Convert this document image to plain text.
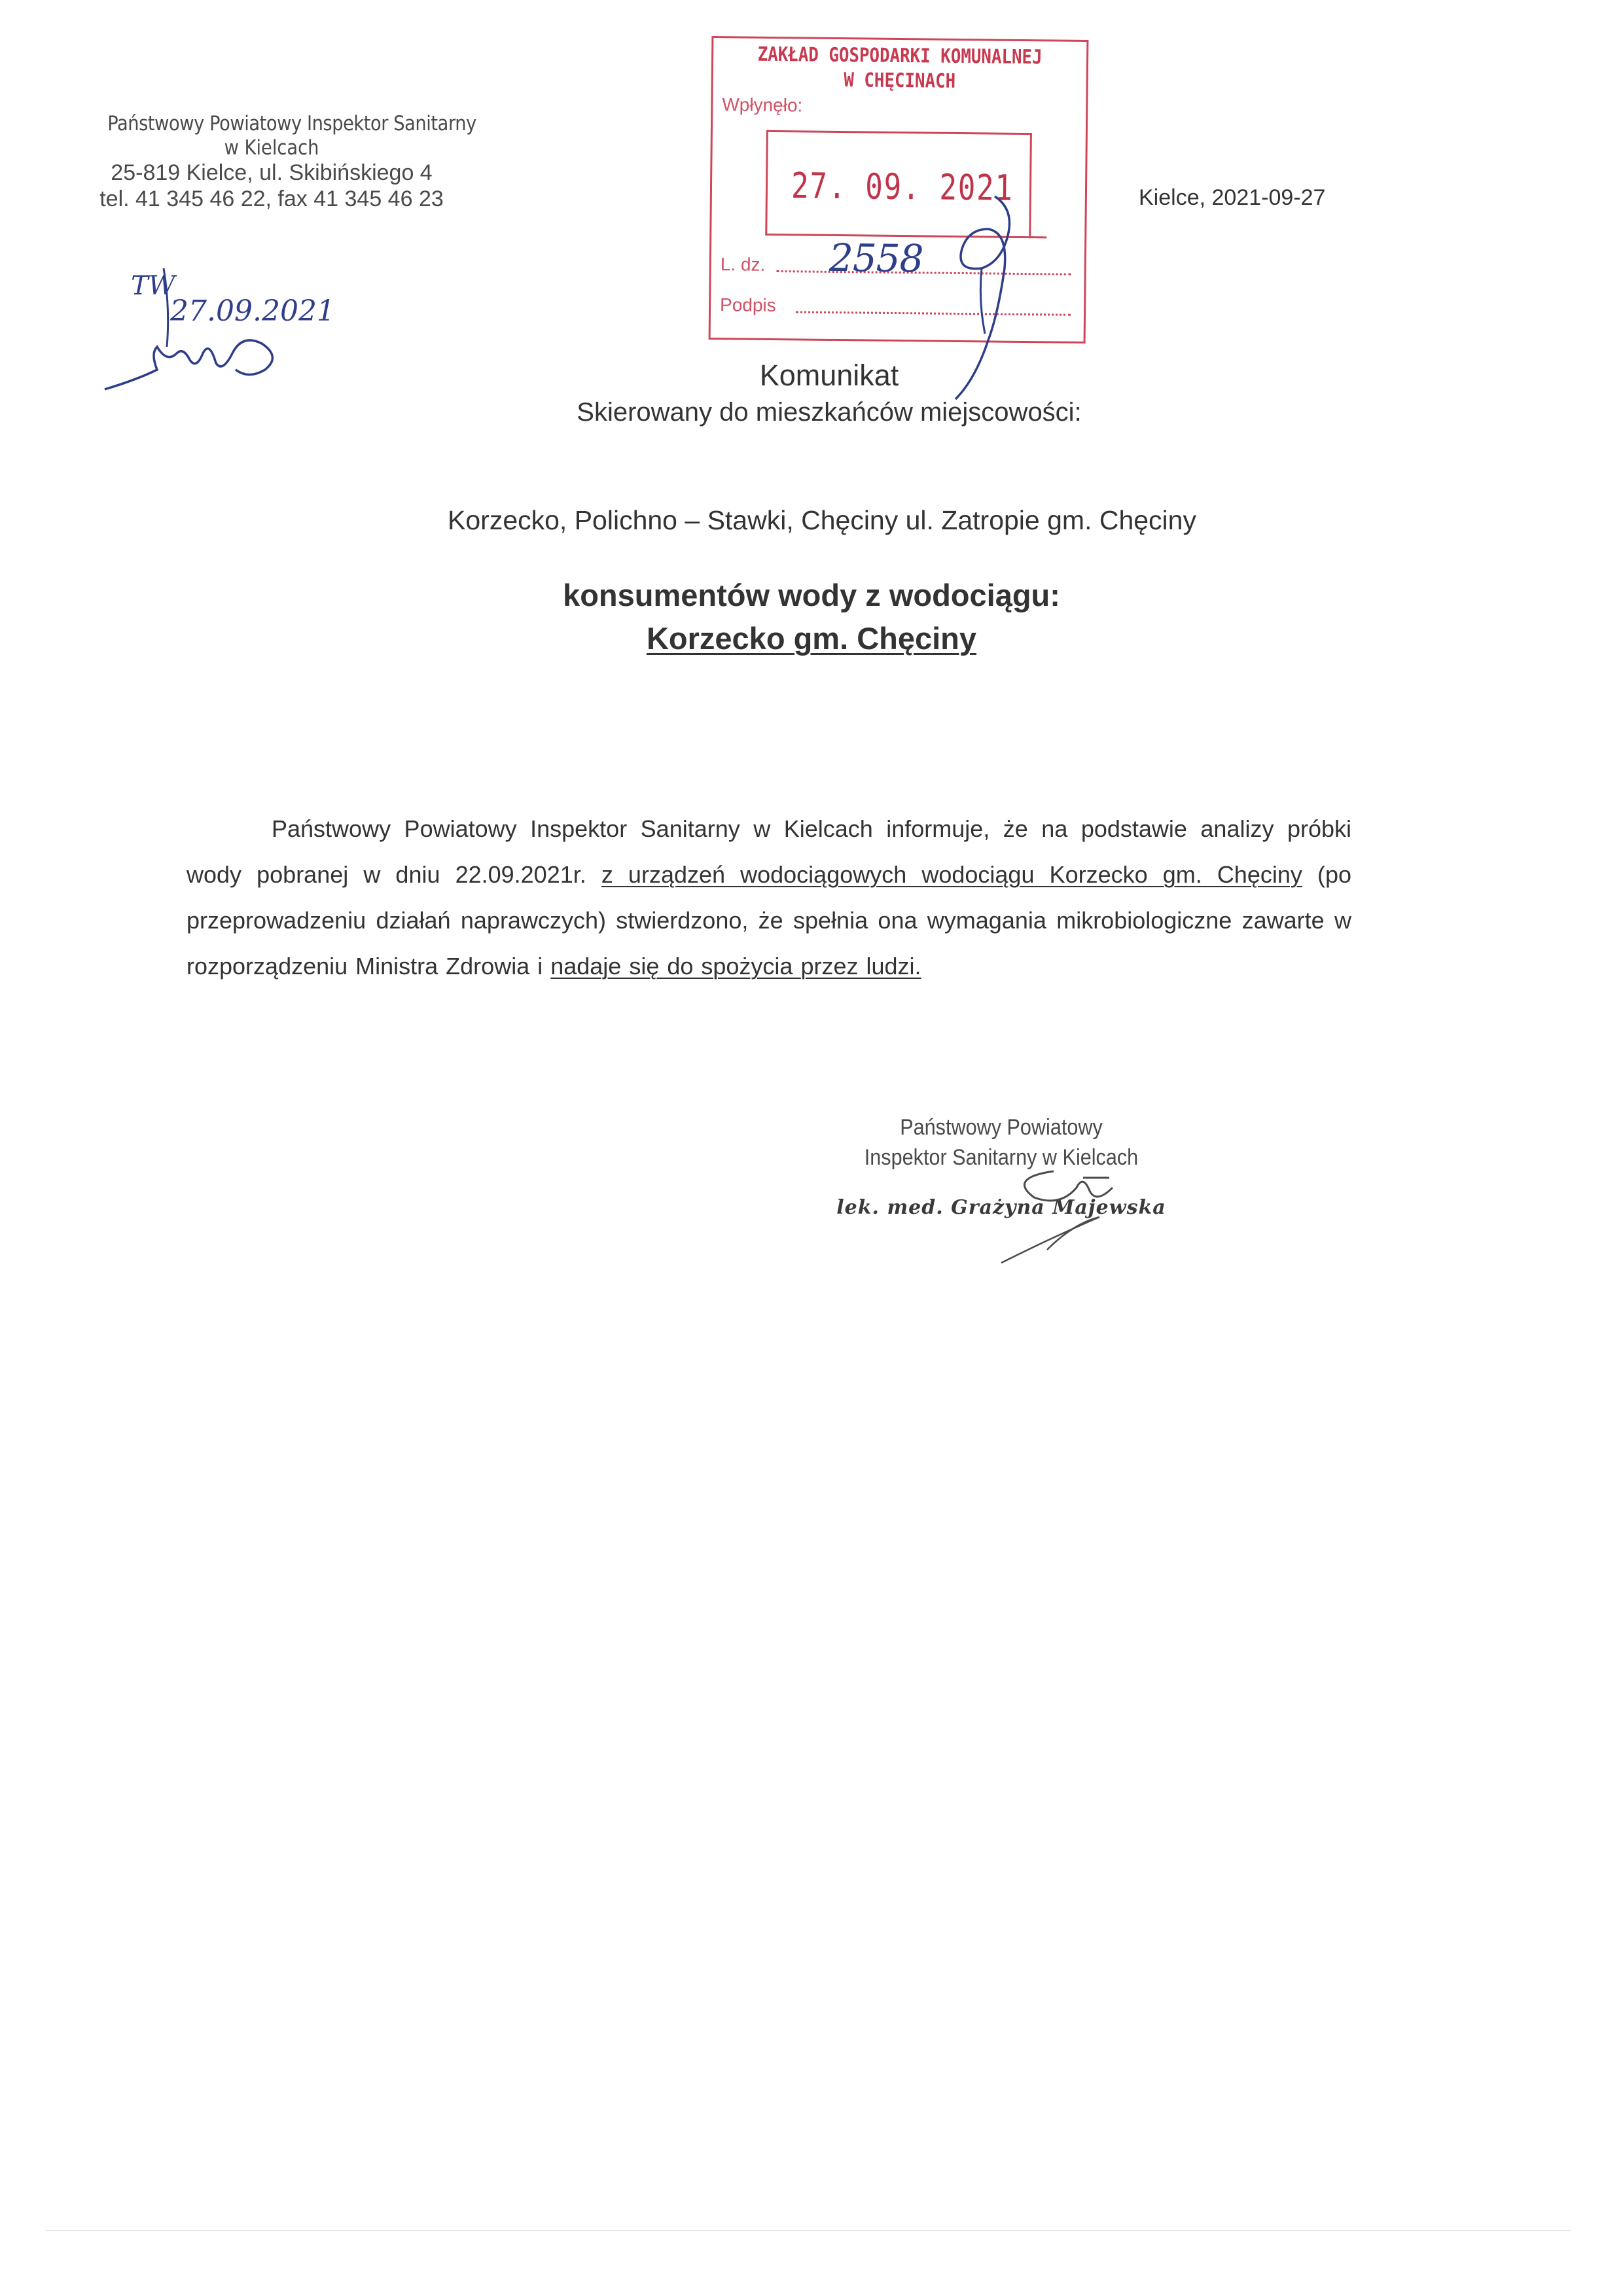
Państwowy Powiatowy Inspektor Sanitarny
w Kielcach
25-819 Kielce, ul. Skibińskiego 4
tel. 41 345 46 22, fax 41 345 46 23
TW
27.09.2021
ZAKŁAD GOSPODARKI KOMUNALNEJ
W CHĘCINACH
Wpłynęło:
27. 09. 2021
L. dz. 2558
Podpis
Kielce, 2021-09-27
Komunikat
Skierowany do mieszkańców miejscowości:
Korzecko, Polichno – Stawki, Chęciny ul. Zatropie gm. Chęciny
konsumentów wody z wodociągu:
Korzecko gm. Chęciny
Państwowy Powiatowy Inspektor Sanitarny w Kielcach informuje, że na podstawie analizy próbki wody pobranej w dniu 22.09.2021r. z urządzeń wodociągowych wodociągu Korzecko gm. Chęciny (po przeprowadzeniu działań naprawczych) stwierdzono, że spełnia ona wymagania mikrobiologiczne zawarte w rozporządzeniu Ministra Zdrowia i nadaje się do spożycia przez ludzi.
Państwowy Powiatowy
Inspektor Sanitarny w Kielcach
lek. med. Grażyna Majewska
